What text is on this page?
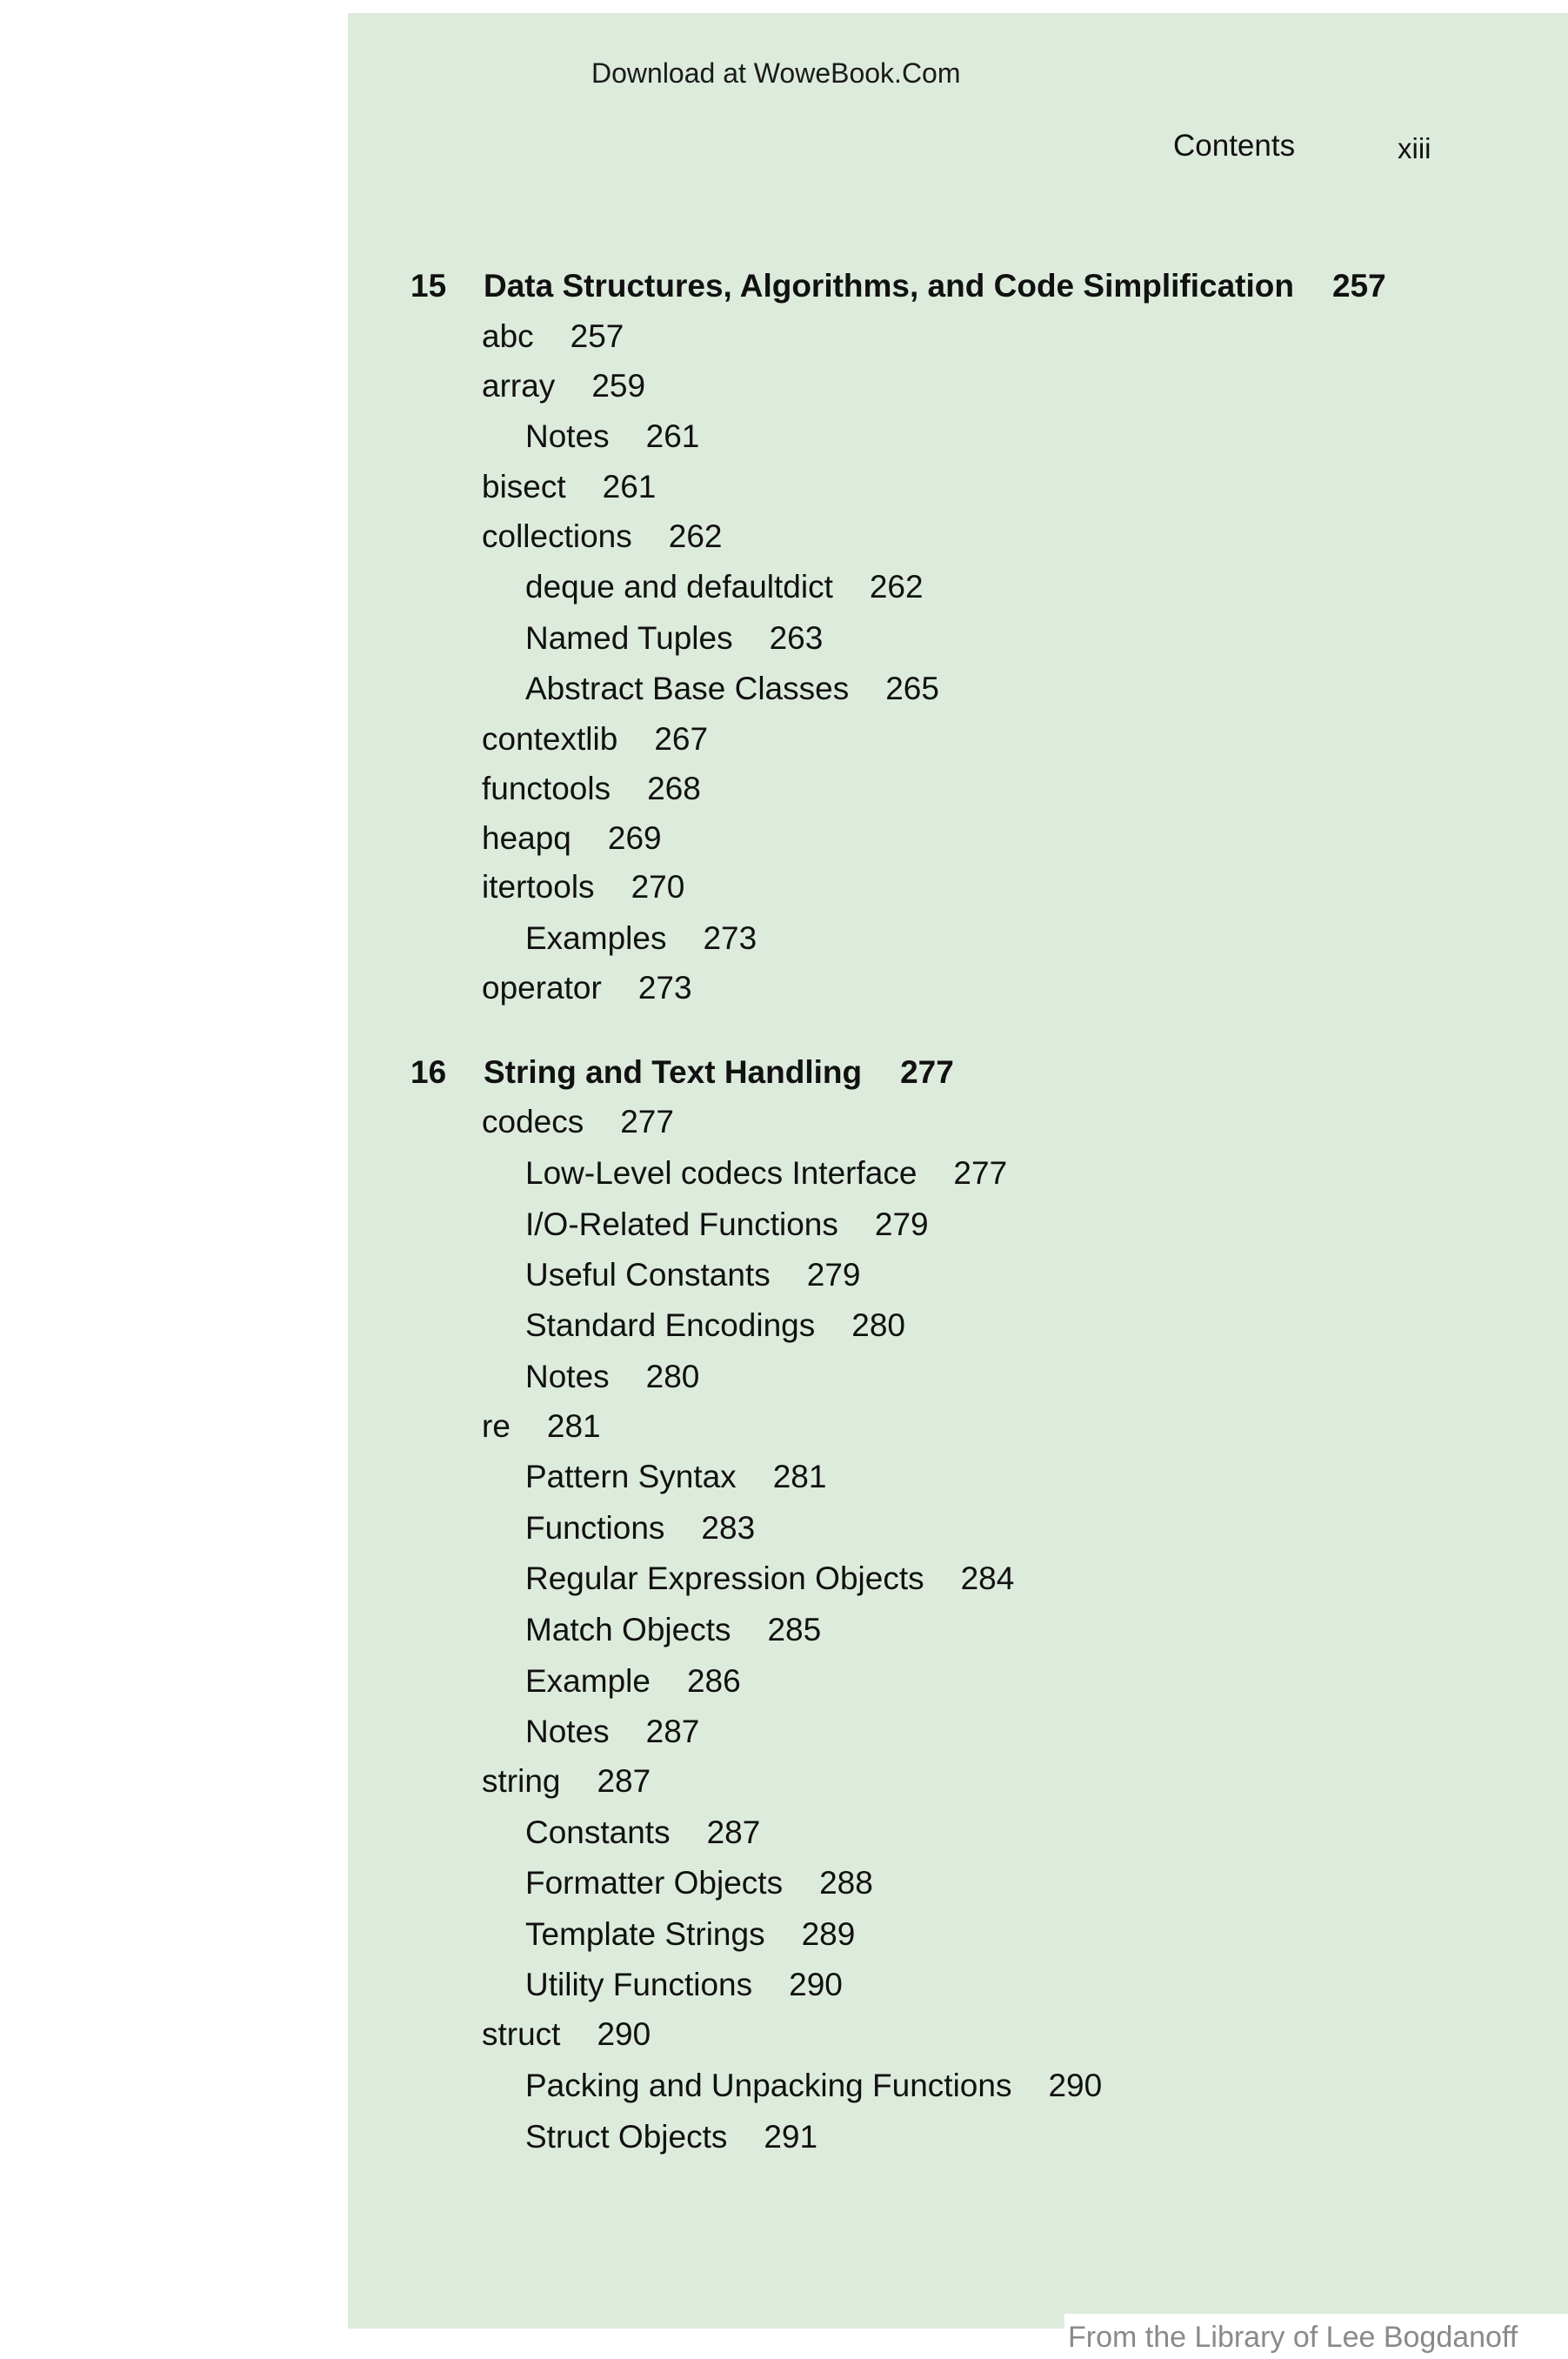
Download at WoweBook.Com
Contents	xiii
15 Data Structures, Algorithms, and Code Simplification 257
abc 257
array 259
Notes 261
bisect 261
collections 262
deque and defaultdict 262
Named Tuples 263
Abstract Base Classes 265
contextlib 267
functools 268
heapq 269
itertools 270
Examples 273
operator 273
16 String and Text Handling 277
codecs 277
Low-Level codecs Interface 277
I/O-Related Functions 279
Useful Constants 279
Standard Encodings 280
Notes 280
re 281
Pattern Syntax 281
Functions 283
Regular Expression Objects 284
Match Objects 285
Example 286
Notes 287
string 287
Constants 287
Formatter Objects 288
Template Strings 289
Utility Functions 290
struct 290
Packing and Unpacking Functions 290
Struct Objects 291
From the Library of Lee Bogdanoff
